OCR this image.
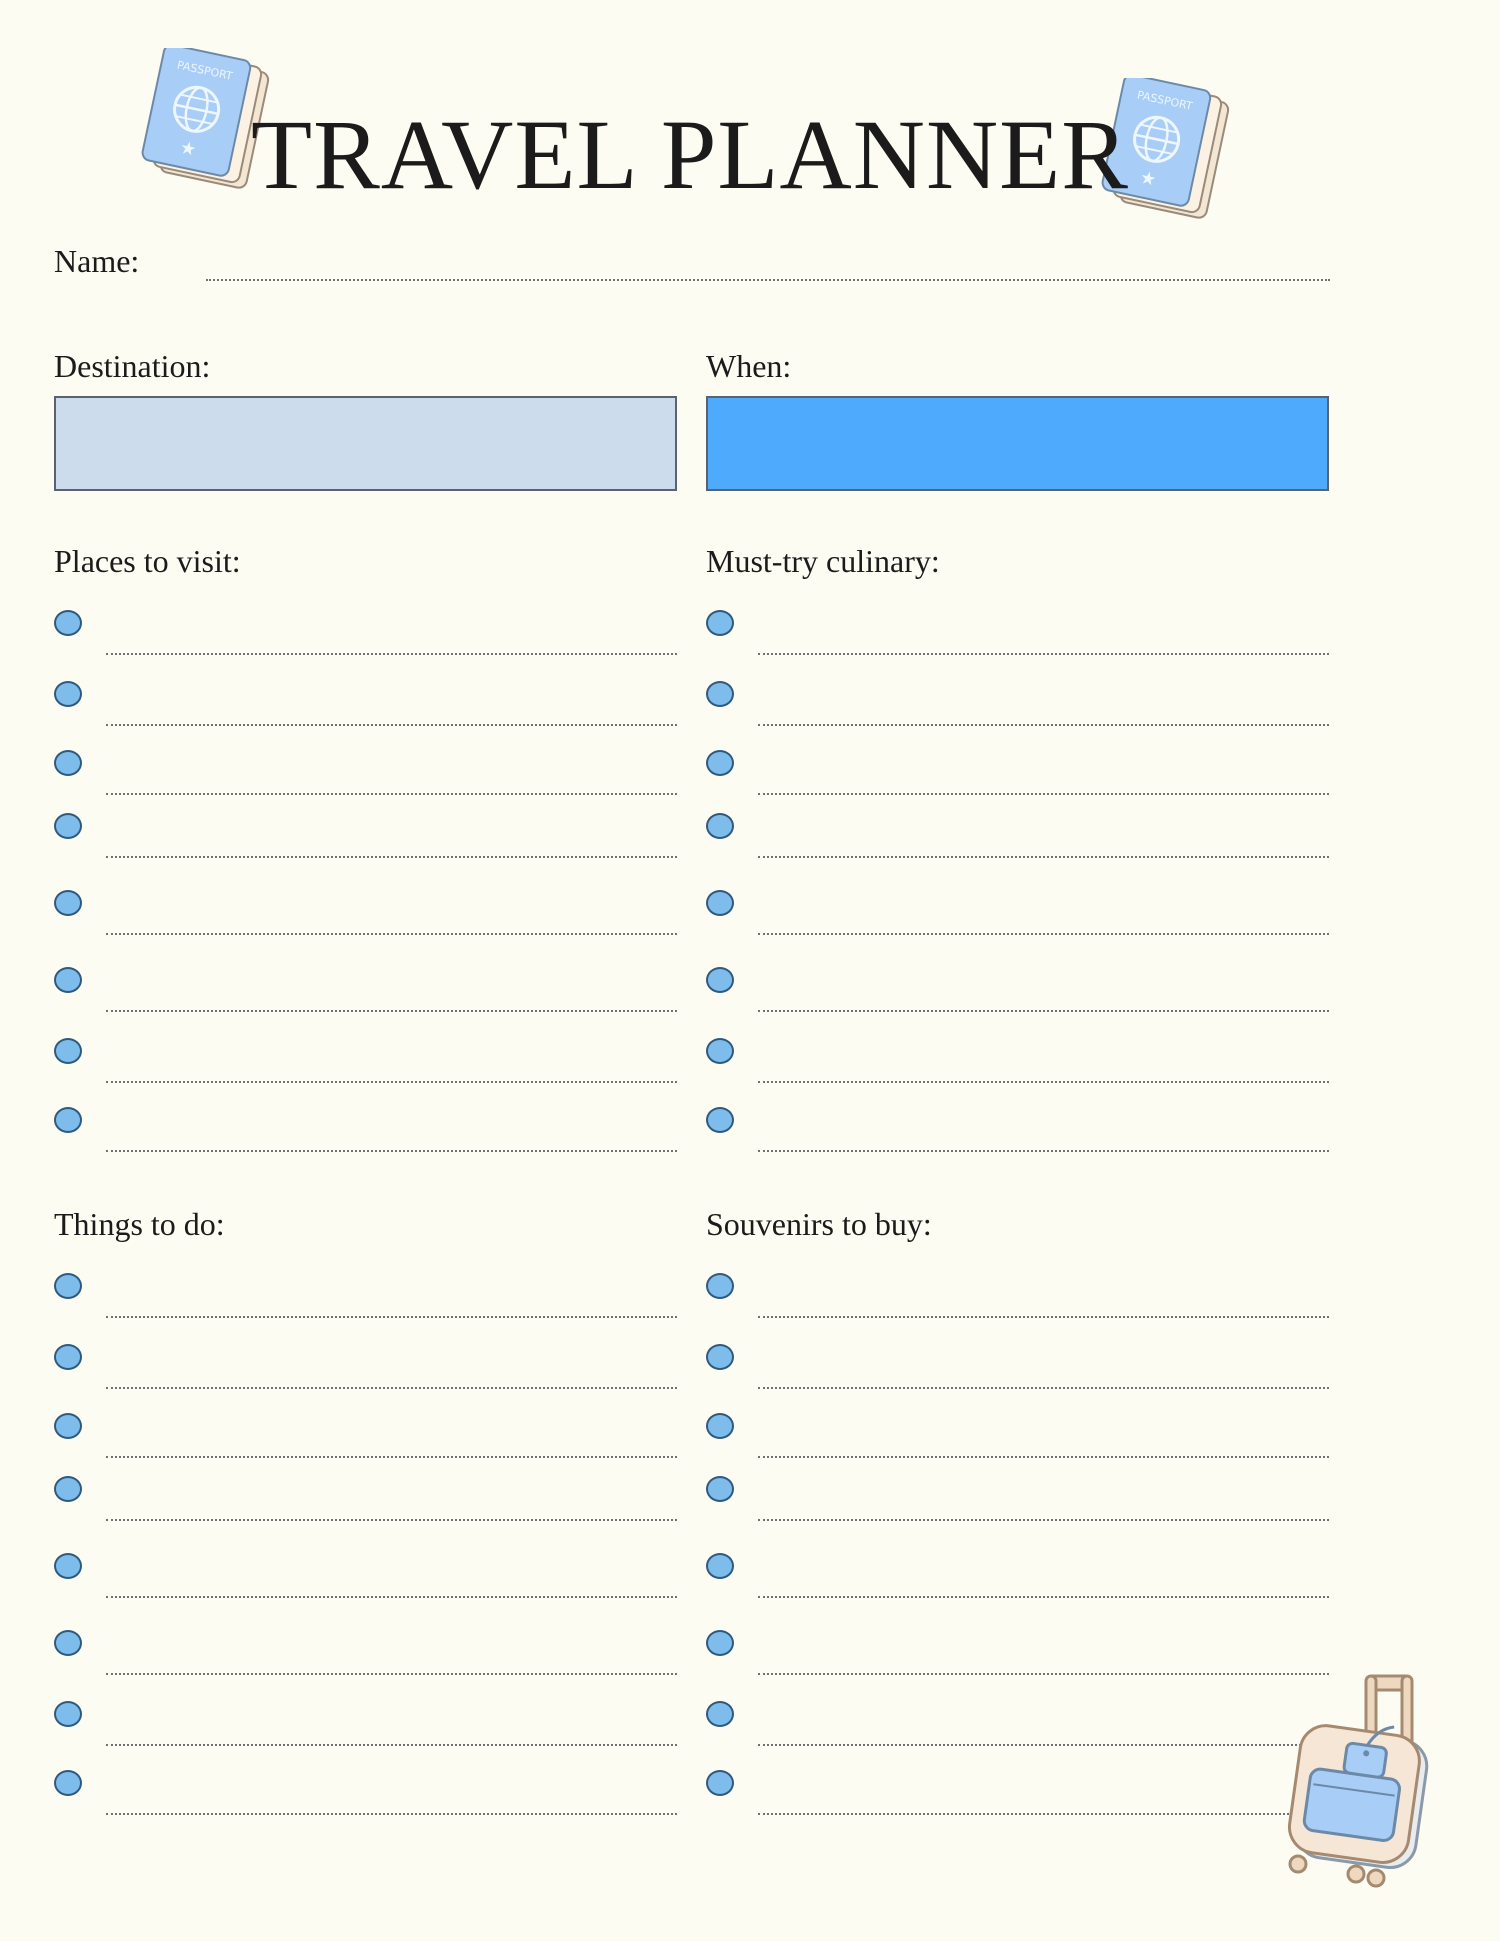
PASSPORT
★
PASSPORT
★
TRAVEL PLANNER
Name:
Destination:	When:
Places to visit:	Must-try culinary:
Things to do:	Souvenirs to buy:
